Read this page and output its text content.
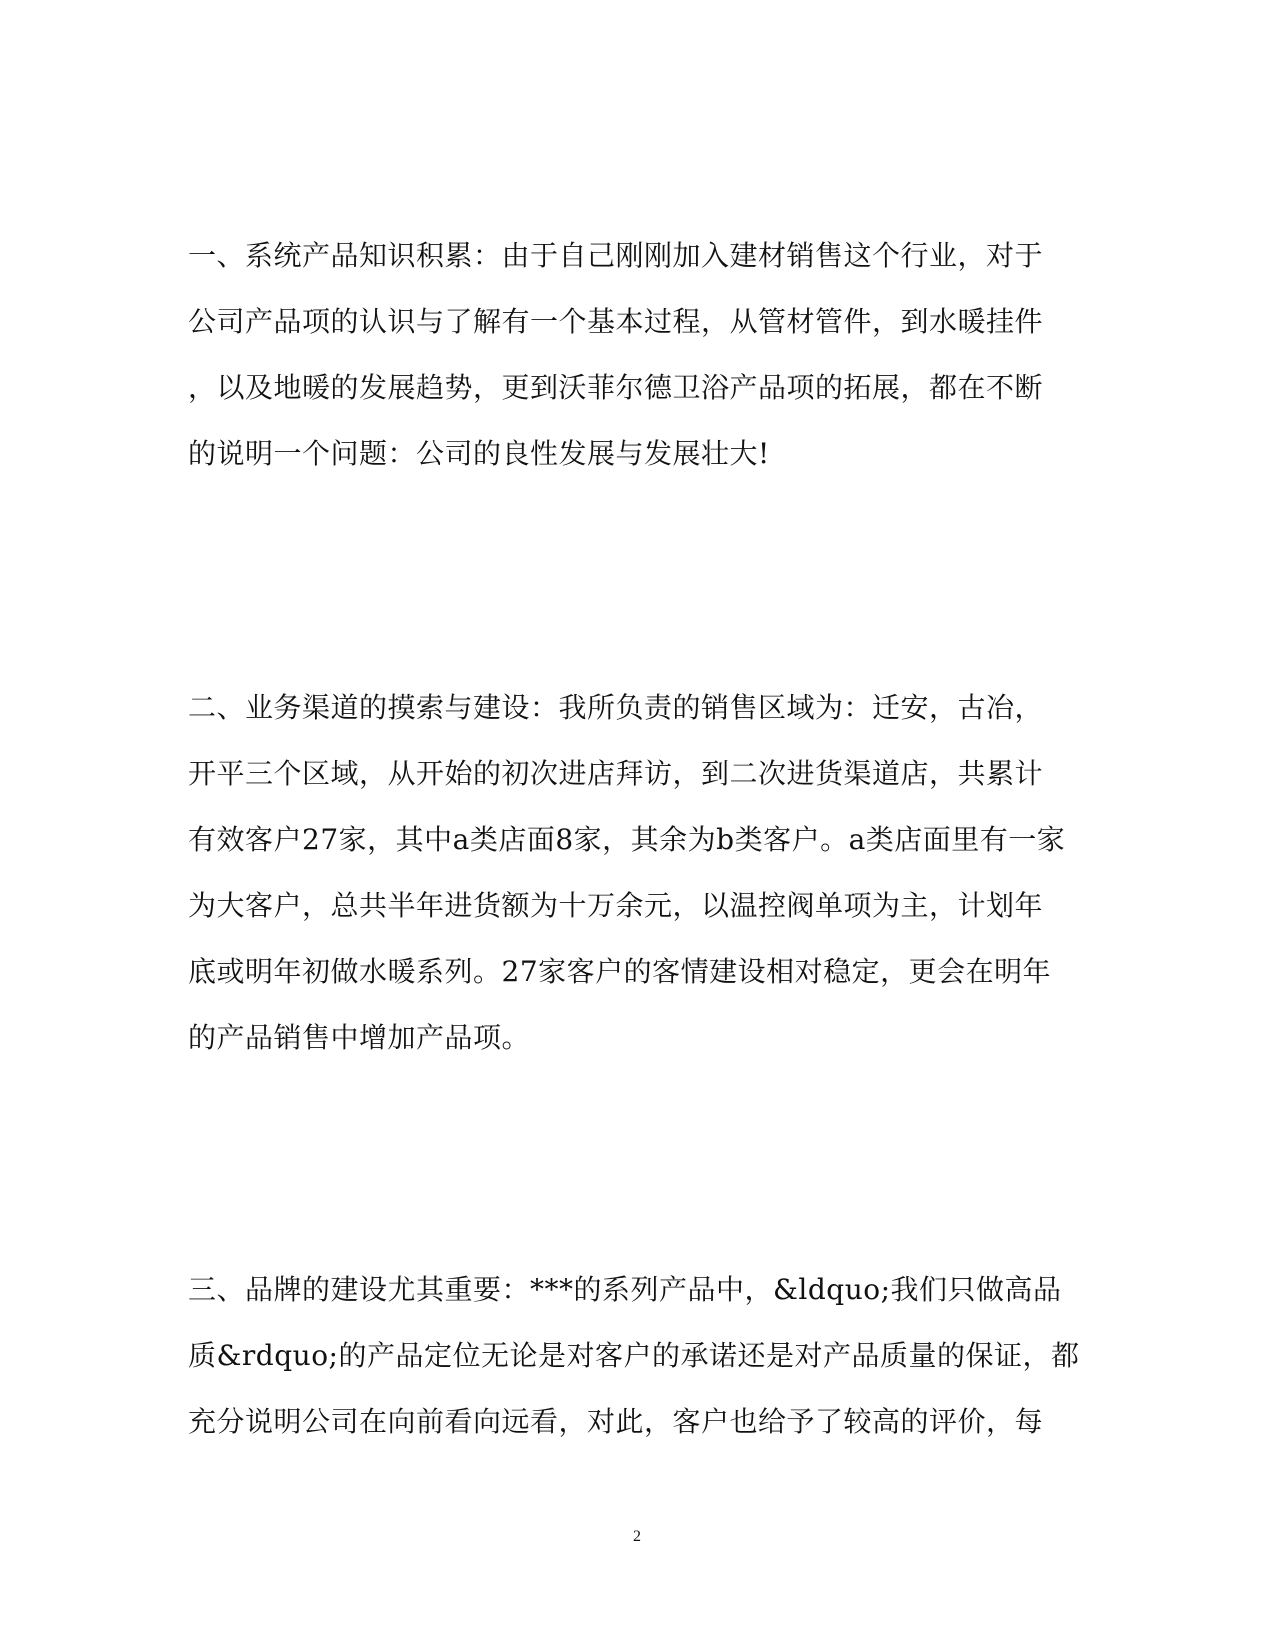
一、系统产品知识积累：由于自己刚刚加入建材销售这个行业，对于
公司产品项的认识与了解有一个基本过程，从管材管件，到水暖挂件
，以及地暖的发展趋势，更到沃菲尔德卫浴产品项的拓展，都在不断
的说明一个问题：公司的良性发展与发展壮大!
二、业务渠道的摸索与建设：我所负责的销售区域为：迁安，古冶，
开平三个区域，从开始的初次进店拜访，到二次进货渠道店，共累计
有效客户27家，其中a类店面8家，其余为b类客户。a类店面里有一家
为大客户，总共半年进货额为十万余元，以温控阀单项为主，计划年
底或明年初做水暖系列。27家客户的客情建设相对稳定，更会在明年
的产品销售中增加产品项。
三、品牌的建设尤其重要：***的系列产品中，&ldquo;我们只做高品
质&rdquo;的产品定位无论是对客户的承诺还是对产品质量的保证，都
充分说明公司在向前看向远看，对此，客户也给予了较高的评价，每
2
